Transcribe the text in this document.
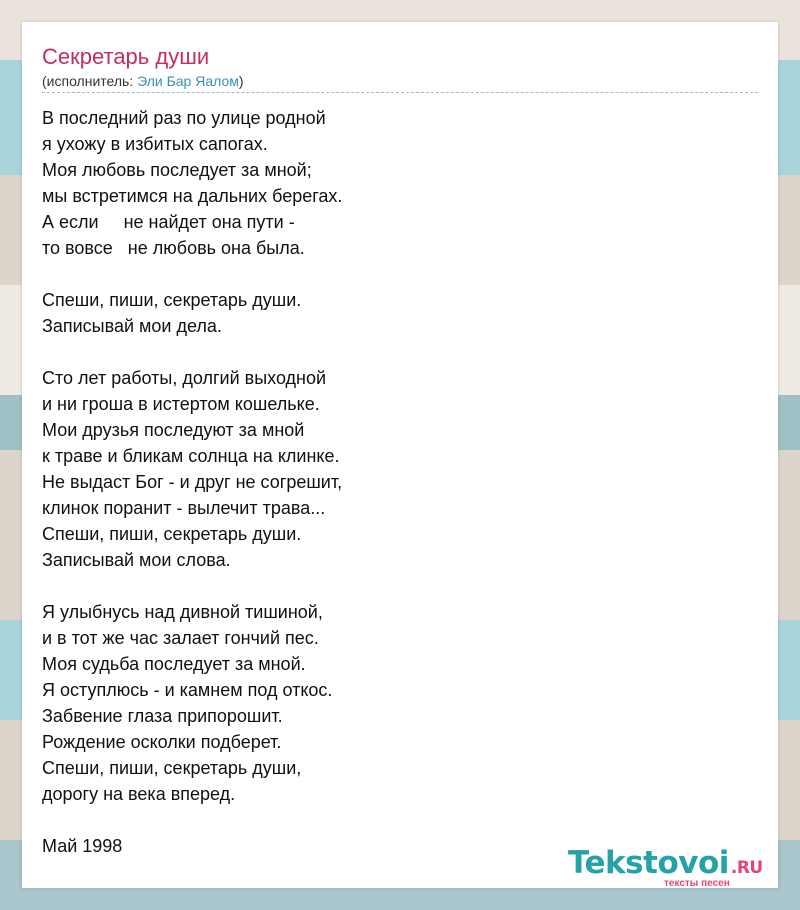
Секретарь души
(исполнитель: Эли Бар Яалом)
В последний раз по улице родной
я ухожу в избитых сапогах.
Моя любовь последует за мной;
мы встретимся на дальних берегах.
А если     не найдет она пути -
то вовсе   не любовь она была.
Спеши, пиши, секретарь души.
Записывай мои дела.
Сто лет работы, долгий выходной
и ни гроша в истертом кошельке.
Мои друзья последуют за мной
к траве и бликам солнца на клинке.
Не выдаст Бог - и друг не согрешит,
клинок поранит - вылечит трава...
Спеши, пиши, секретарь души.
Записывай мои слова.
Я улыбнусь над дивной тишиной,
и в тот же час залает гончий пес.
Моя судьба последует за мной.
Я оступлюсь - и камнем под откос.
Забвение глаза припорошит.
Рождение осколки подберет.
Спеши, пиши, секретарь души,
дорогу на века вперед.
Май 1998	Tekstovoi .RU
тексты песен
